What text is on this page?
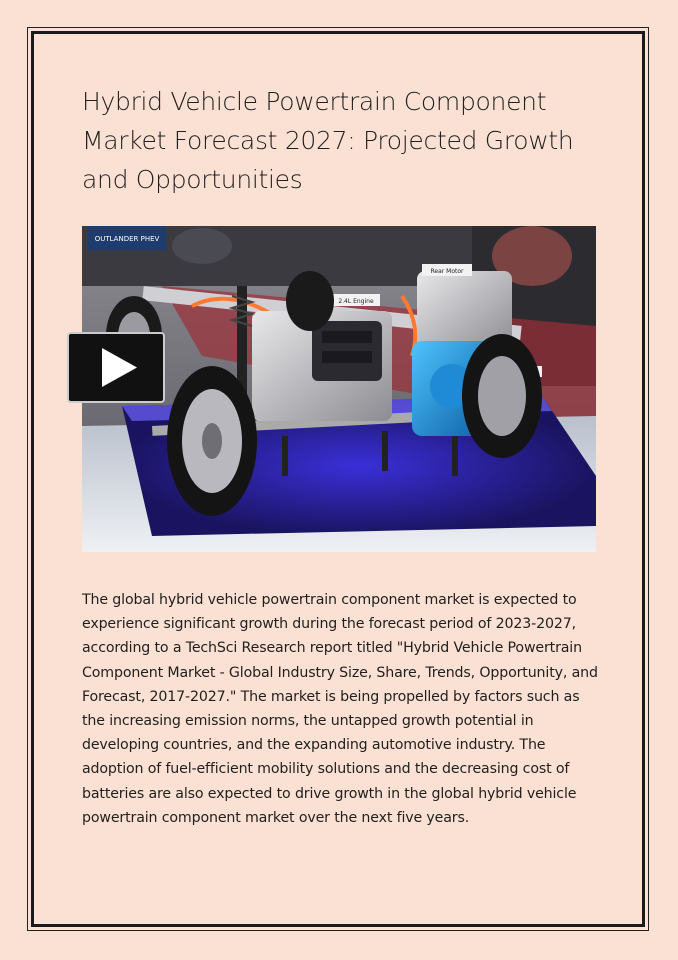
Hybrid Vehicle Powertrain Component Market Forecast 2027: Projected Growth and Opportunities
OUTLANDER PHEV
2.4L Engine
Rear Motor

The global hybrid vehicle powertrain component market is expected to experience significant growth during the forecast period of 2023-2027, according to a TechSci Research report titled "Hybrid Vehicle Powertrain Component Market - Global Industry Size, Share, Trends, Opportunity, and Forecast, 2017-2027." The market is being propelled by factors such as the increasing emission norms, the untapped growth potential in developing countries, and the expanding automotive industry. The adoption of fuel-efficient mobility solutions and the decreasing cost of batteries are also expected to drive growth in the global hybrid vehicle powertrain component market over the next five years.
